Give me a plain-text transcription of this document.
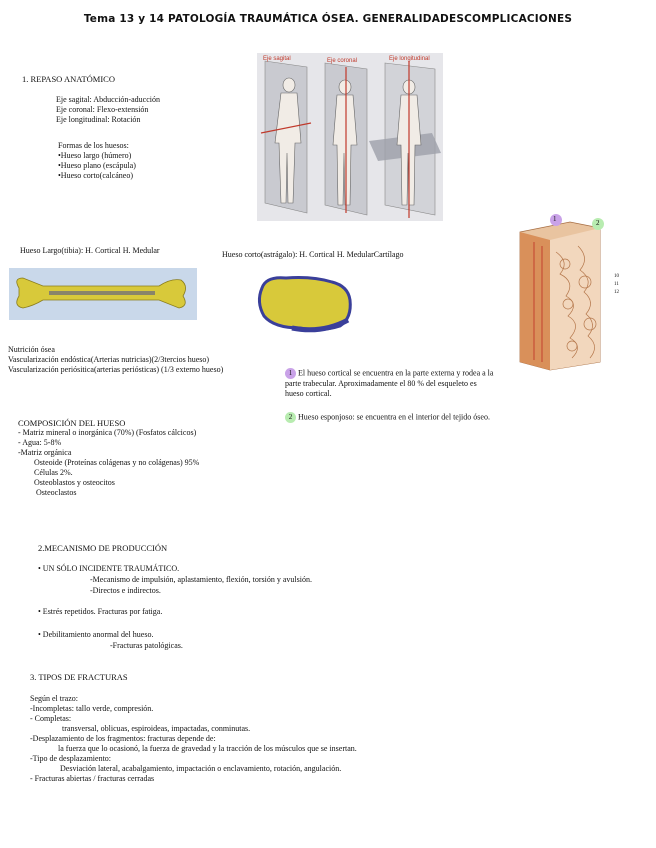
Tema 13 y 14 PATOLOGÍA TRAUMÁTICA ÓSEA. GENERALIDADESCOMPLICACIONES
1. REPASO ANATÓMICO
Eje sagital: Abducción-aducción
Eje coronal: Flexo-extensión
Eje longitudinal: Rotación
Formas de los huesos:
•Hueso largo (húmero)
•Hueso plano (escápula)
•Hueso corto(calcáneo)
Eje sagital	Eje coronal	Eje longitudinal
1	2
10
11
12
Hueso Largo(tibia): H. Cortical H. Medular	Hueso corto(astrágalo): H. Cortical H. MedularCartílago
Nutrición ósea
Vascularización endóstica(Arterias nutricias)(2/3tercios hueso)
Vascularización periósitica(arterias periósticas) (1/3 externo hueso)	1 El hueso cortical se encuentra en la parte externa y rodea a la
parte trabecular. Aproximadamente el 80 % del esqueleto es
hueso cortical.
2 Hueso esponjoso: se encuentra en el interior del tejido óseo.
COMPOSICIÓN DEL HUESO
- Matriz mineral o inorgánica (70%) (Fosfatos cálcicos)
- Agua: 5-8%
-Matriz orgánica
Osteoide (Proteínas colágenas y no colágenas) 95%
Células 2%.
Osteoblastos y osteocitos
Osteoclastos
2.MECANISMO DE PRODUCCIÓN
• UN SÓLO INCIDENTE TRAUMÁTICO.
-Mecanismo de impulsión, aplastamiento, flexión, torsión y avulsión.
-Directos e indirectos.
• Estrés repetidos. Fracturas por fatiga.
• Debilitamiento anormal del hueso.
-Fracturas patológicas.
3. TIPOS DE FRACTURAS
Según el trazo:
-Incompletas: tallo verde, compresión.
- Completas:
transversal, oblicuas, espiroideas, impactadas, conminutas.
-Desplazamiento de los fragmentos: fracturas depende de:
la fuerza que lo ocasionó, la fuerza de gravedad y la tracción de los músculos que se insertan.
-Tipo de desplazamiento:
Desviación lateral, acabalgamiento, impactación o enclavamiento, rotación, angulación.
- Fracturas abiertas / fracturas cerradas
